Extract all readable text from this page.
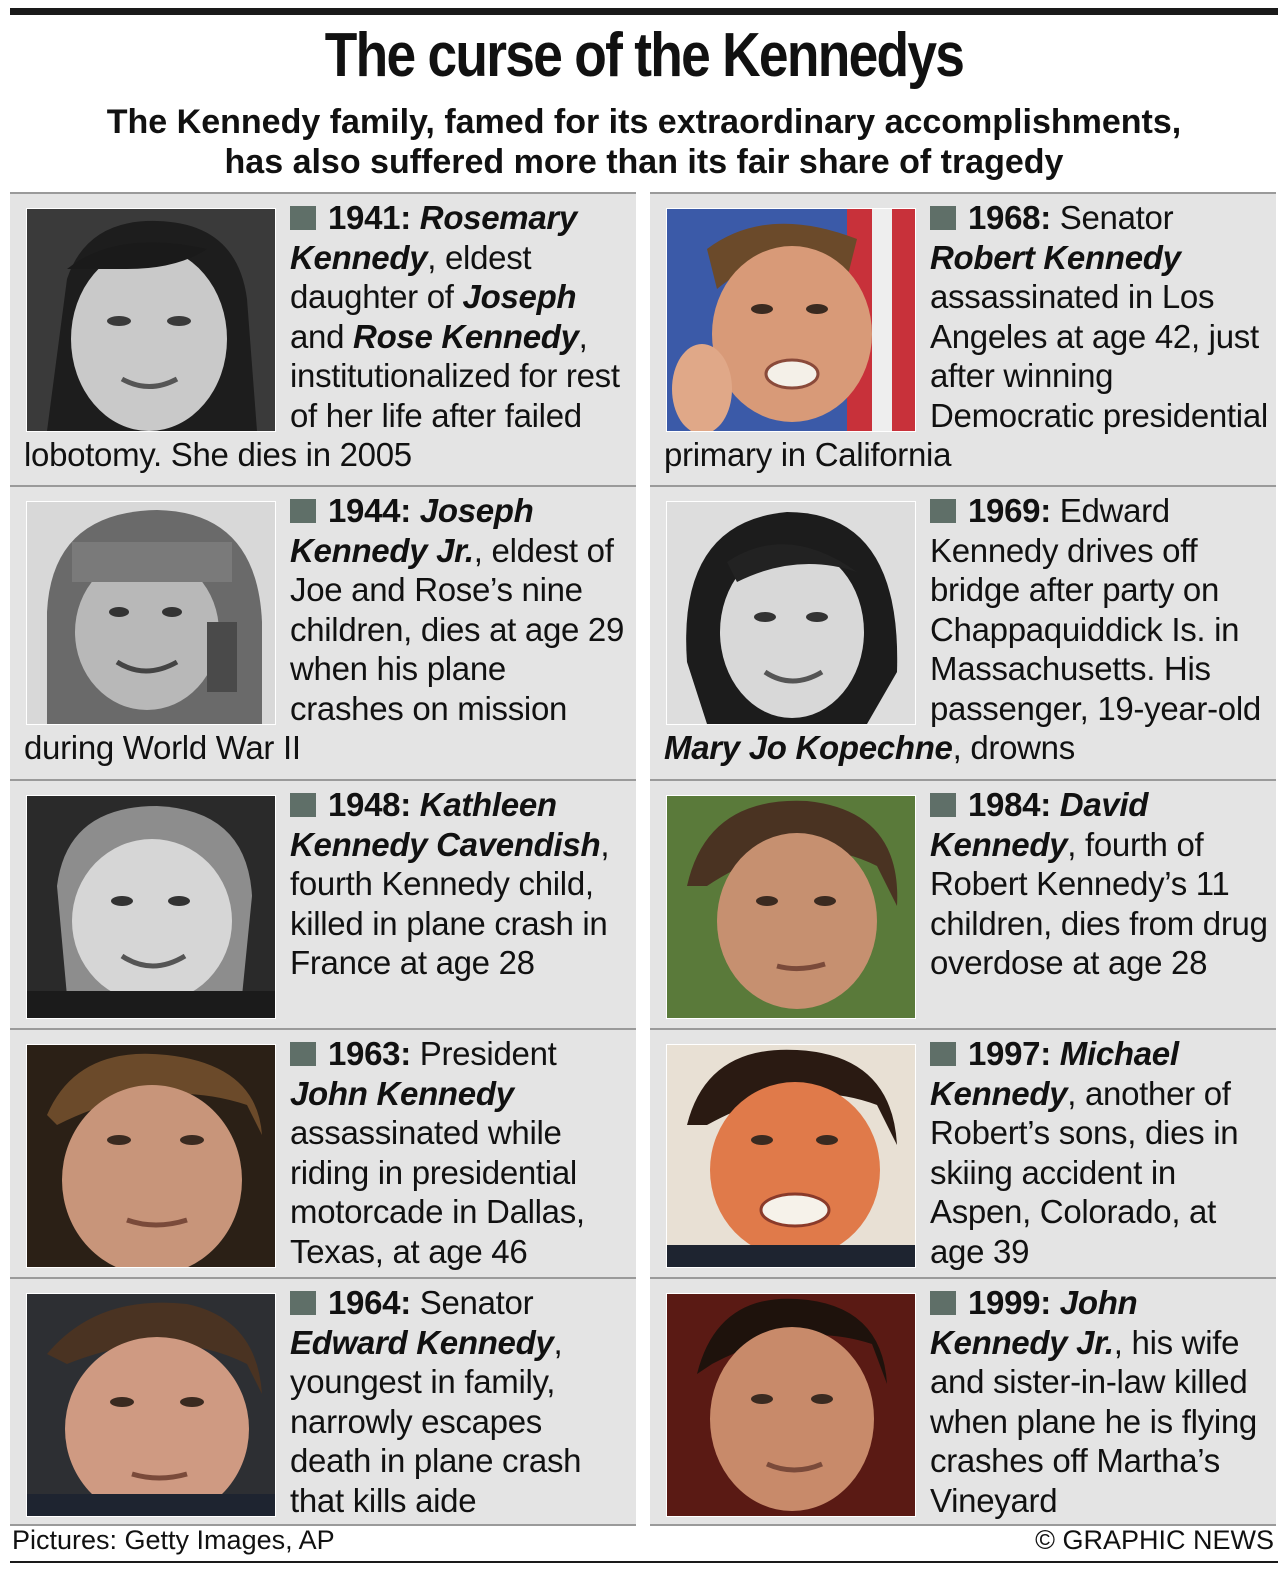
The curse of the Kennedys
The Kennedy family, famed for its extraordinary accomplishments,
has also suffered more than its fair share of tragedy
1941: Rosemary Kennedy, eldest daughter of Joseph and Rose Kennedy, institutionalized for rest of her life after failed lobotomy. She dies in 2005
1944: Joseph Kennedy Jr., eldest of Joe and Rose’s nine children, dies at age 29 when his plane crashes on mission during World War II
1948: Kathleen Kennedy Cavendish, fourth Kennedy child, killed in plane crash in France at age 28
1963: President John Kennedy assassinated while riding in presidential motorcade in Dallas, Texas, at age 46
1964: Senator Edward Kennedy, youngest in family, narrowly escapes death in plane crash that kills aide
1968: Senator Robert Kennedy assassinated in Los Angeles at age 42, just after winning Democratic presidential primary in California
1969: Edward Kennedy drives off bridge after party on Chappaquiddick Is. in Massachusetts. His passenger, 19-year-old Mary Jo Kopechne, drowns
1984: David Kennedy, fourth of Robert Kennedy’s 11 children, dies from drug overdose at age 28
1997: Michael Kennedy, another of Robert’s sons, dies in skiing accident in Aspen, Colorado, at age 39
1999: John Kennedy Jr., his wife and sister-in-law killed when plane he is flying crashes off Martha’s Vineyard
Pictures: Getty Images, AP	© GRAPHIC NEWS
